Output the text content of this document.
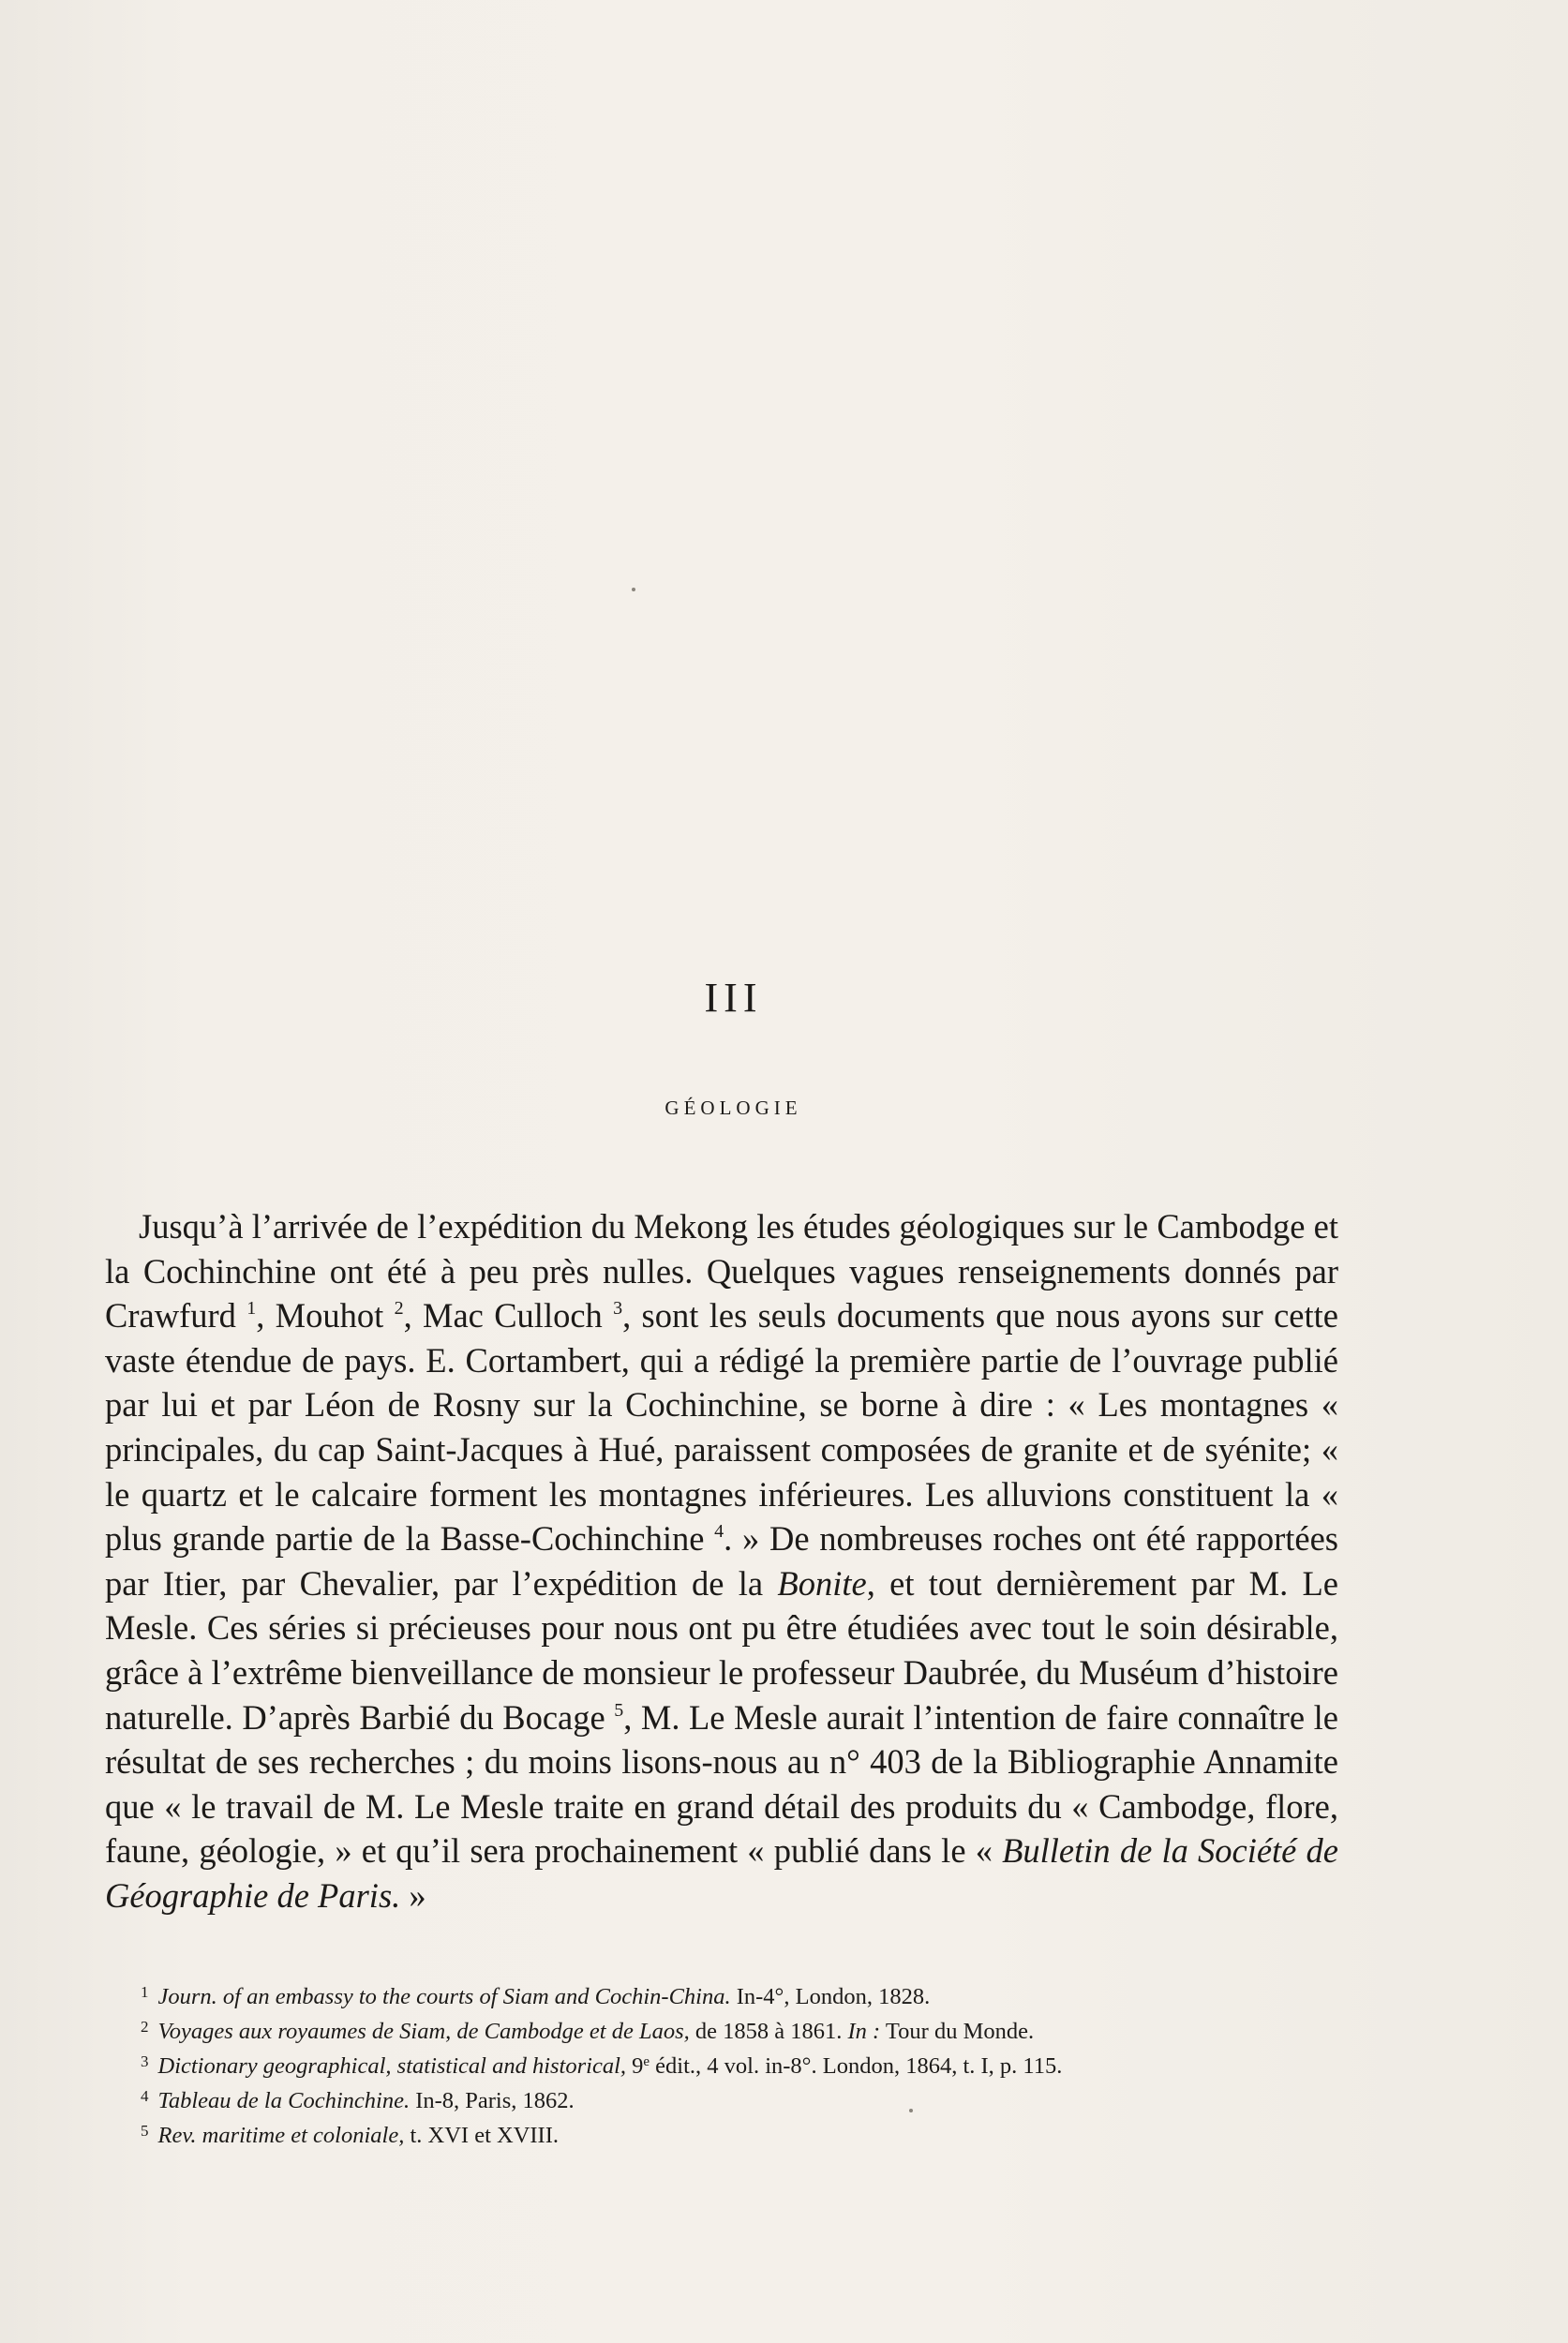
III
GÉOLOGIE

Jusqu’à l’arrivée de l’expédition du Mekong les études géologiques sur le Cambodge et la Cochinchine ont été à peu près nulles. Quelques vagues renseignements donnés par Crawfurd $^1$, Mouhot $^2$, Mac Culloch $^3$, sont les seuls documents que nous ayons sur cette vaste étendue de pays. E. Cortambert, qui a rédigé la première partie de l’ouvrage publié par lui et par Léon de Rosny sur la Cochinchine, se borne à dire : « Les montagnes « principales, du cap Saint-Jacques à Hué, paraissent composées de granite et de syénite; « le quartz et le calcaire forment les montagnes inférieures. Les alluvions constituent la « plus grande partie de la Basse-Cochinchine $^4$. » De nombreuses roches ont été rapportées par Itier, par Chevalier, par l’expédition de la Bonite, et tout dernièrement par M. Le Mesle. Ces séries si précieuses pour nous ont pu être étudiées avec tout le soin désirable, grâce à l’extrême bienveillance de monsieur le professeur Daubrée, du Muséum d’histoire naturelle. D’après Barbié du Bocage $^5$, M. Le Mesle aurait l’intention de faire connaître le résultat de ses recherches ; du moins lisons-nous au n° 403 de la Bibliographie Annamite que « le travail de M. Le Mesle traite en grand détail des produits du « Cambodge, flore, faune, géologie, » et qu’il sera prochainement « publié dans le « Bulletin de la Société de Géographie de Paris. »

$^1$ Journ. of an embassy to the courts of Siam and Cochin-China. In-4°, London, 1828.
$^2$ Voyages aux royaumes de Siam, de Cambodge et de Laos, de 1858 à 1861. In : Tour du Monde.
$^3$ Dictionary geographical, statistical and historical, 9e édit., 4 vol. in-8°. London, 1864, t. I, p. 115.
$^4$ Tableau de la Cochinchine. In-8, Paris, 1862.
$^5$ Rev. maritime et coloniale, t. XVI et XVIII.
